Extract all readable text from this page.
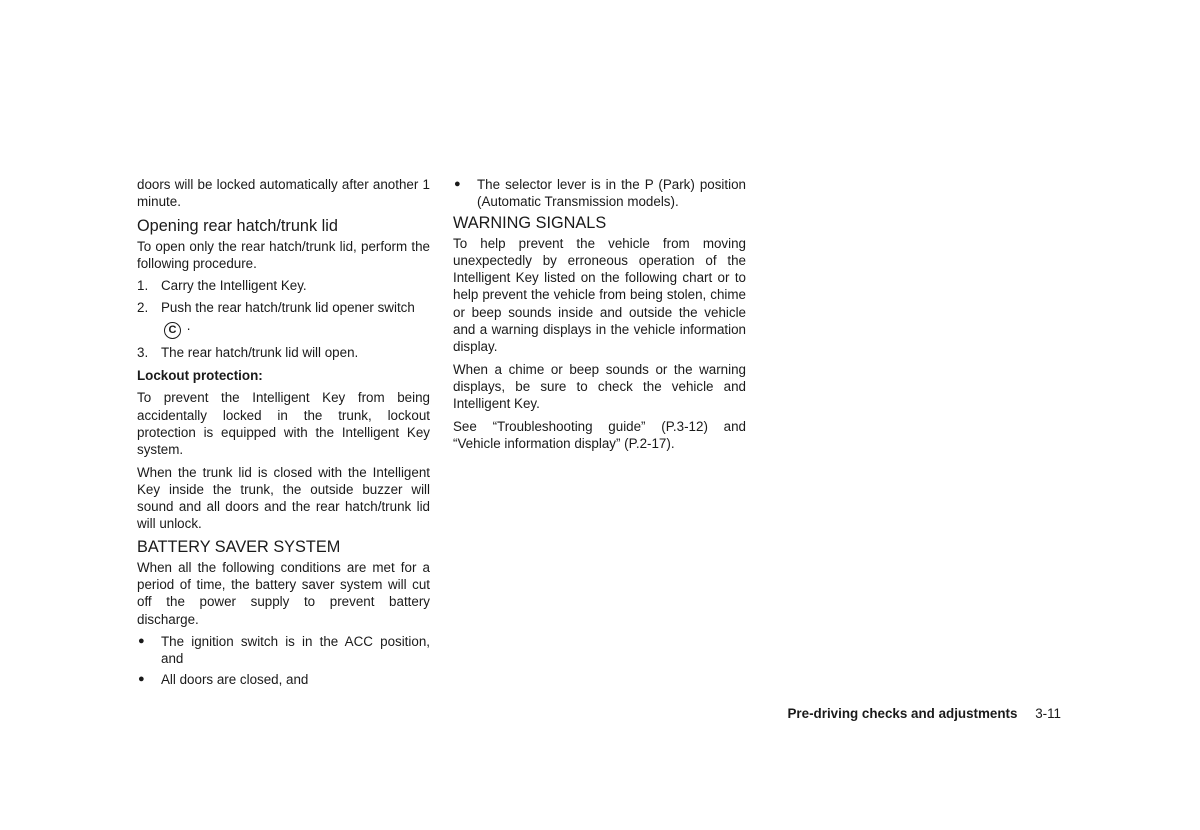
doors will be locked automatically after another 1 minute.

Opening rear hatch/trunk lid

To open only the rear hatch/trunk lid, perform the following procedure.

1. Carry the Intelligent Key.
2. Push the rear hatch/trunk lid opener switch
C .
3. The rear hatch/trunk lid will open.
Lockout protection:

To prevent the Intelligent Key from being accidentally locked in the trunk, lockout protection is equipped with the Intelligent Key system.

When the trunk lid is closed with the Intelligent Key inside the trunk, the outside buzzer will sound and all doors and the rear hatch/trunk lid will unlock.

BATTERY SAVER SYSTEM

When all the following conditions are met for a period of time, the battery saver system will cut off the power supply to prevent battery discharge.

● The ignition switch is in the ACC position, and
● All doors are closed, and
● The selector lever is in the P (Park) position (Automatic Transmission models).
WARNING SIGNALS

To help prevent the vehicle from moving unexpectedly by erroneous operation of the Intelligent Key listed on the following chart or to help prevent the vehicle from being stolen, chime or beep sounds inside and outside the vehicle and a warning displays in the vehicle information display.

When a chime or beep sounds or the warning displays, be sure to check the vehicle and Intelligent Key.

See “Troubleshooting guide” (P.3-12) and “Vehicle information display” (P.2-17).

Pre-driving checks and adjustments 3-11
